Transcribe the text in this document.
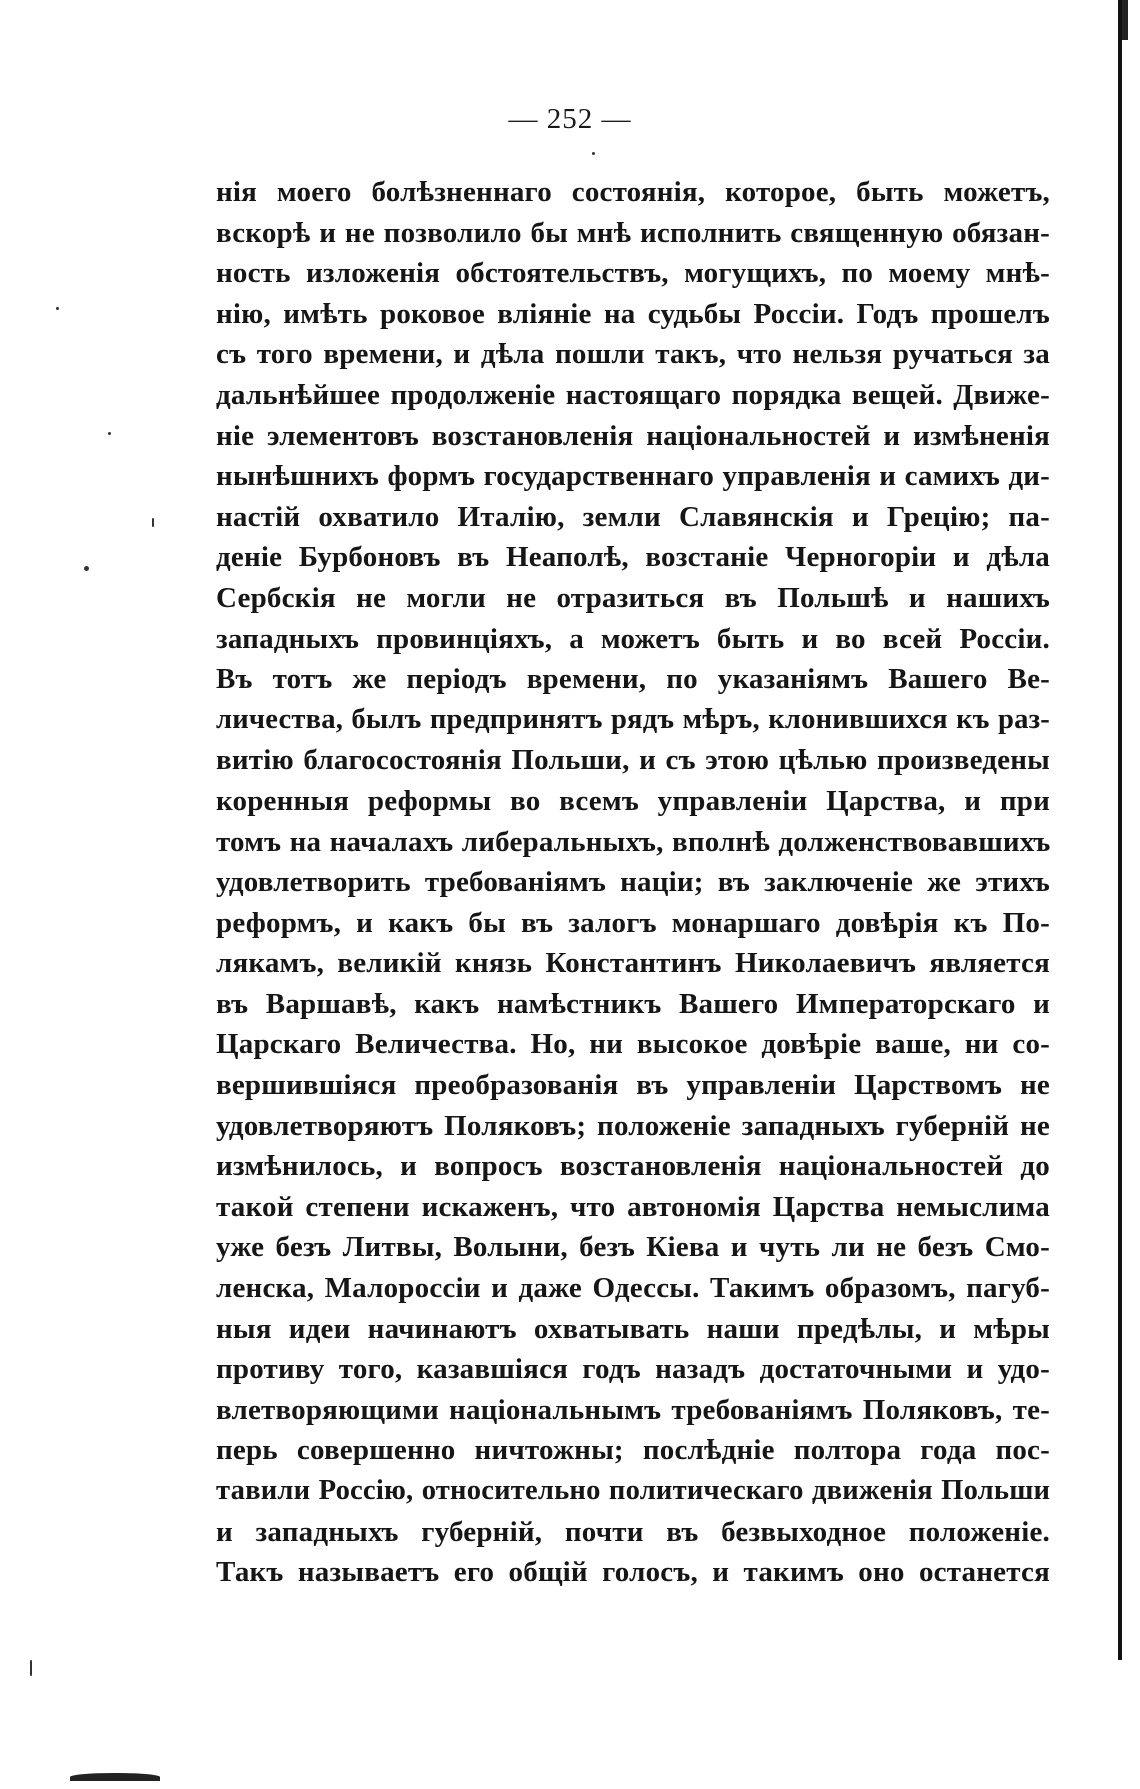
— 252 —
нія моего болѣзненнаго состоянія, которое, быть можетъ,
вскорѣ и не позволило бы мнѣ исполнить священную обязан-
ность изложенія обстоятельствъ, могущихъ, по моему мнѣ-
нію, имѣть роковое вліяніе на судьбы Россіи. Годъ прошелъ
съ того времени, и дѣла пошли такъ, что нельзя ручаться за
дальнѣйшее продолженіе настоящаго порядка вещей. Движе-
ніе элементовъ возстановленія національностей и измѣненія
нынѣшнихъ формъ государственнаго управленія и самихъ ди-
настій охватило Италію, земли Славянскія и Грецію; па-
деніе Бурбоновъ въ Неаполѣ, возстаніе Черногоріи и дѣла
Сербскія не могли не отразиться въ Польшѣ и нашихъ
западныхъ провинціяхъ, а можетъ быть и во всей Россіи.
Въ тотъ же періодъ времени, по указаніямъ Вашего Ве-
личества, былъ предпринятъ рядъ мѣръ, клонившихся къ раз-
витію благосостоянія Польши, и съ этою цѣлью произведены
коренныя реформы во всемъ управленіи Царства, и при
томъ на началахъ либеральныхъ, вполнѣ долженствовавшихъ
удовлетворить требованіямъ націи; въ заключеніе же этихъ
реформъ, и какъ бы въ залогъ монаршаго довѣрія къ По-
лякамъ, великій князь Константинъ Николаевичъ является
въ Варшавѣ, какъ намѣстникъ Вашего Императорскаго и
Царскаго Величества. Но, ни высокое довѣріе ваше, ни со-
вершившіяся преобразованія въ управленіи Царствомъ не
удовлетворяютъ Поляковъ; положеніе западныхъ губерній не
измѣнилось, и вопросъ возстановленія національностей до
такой степени искаженъ, что автономія Царства немыслима
уже безъ Литвы, Волыни, безъ Кіева и чуть ли не безъ Смо-
ленска, Малороссіи и даже Одессы. Такимъ образомъ, пагуб-
ныя идеи начинаютъ охватывать наши предѣлы, и мѣры
противу того, казавшіяся годъ назадъ достаточными и удо-
влетворяющими національнымъ требованіямъ Поляковъ, те-
перь совершенно ничтожны; послѣдніе полтора года пос-
тавили Россію, относительно политическаго движенія Польши
и западныхъ губерній, почти въ безвыходное положеніе.
Такъ называетъ его общій голосъ, и такимъ оно останется
